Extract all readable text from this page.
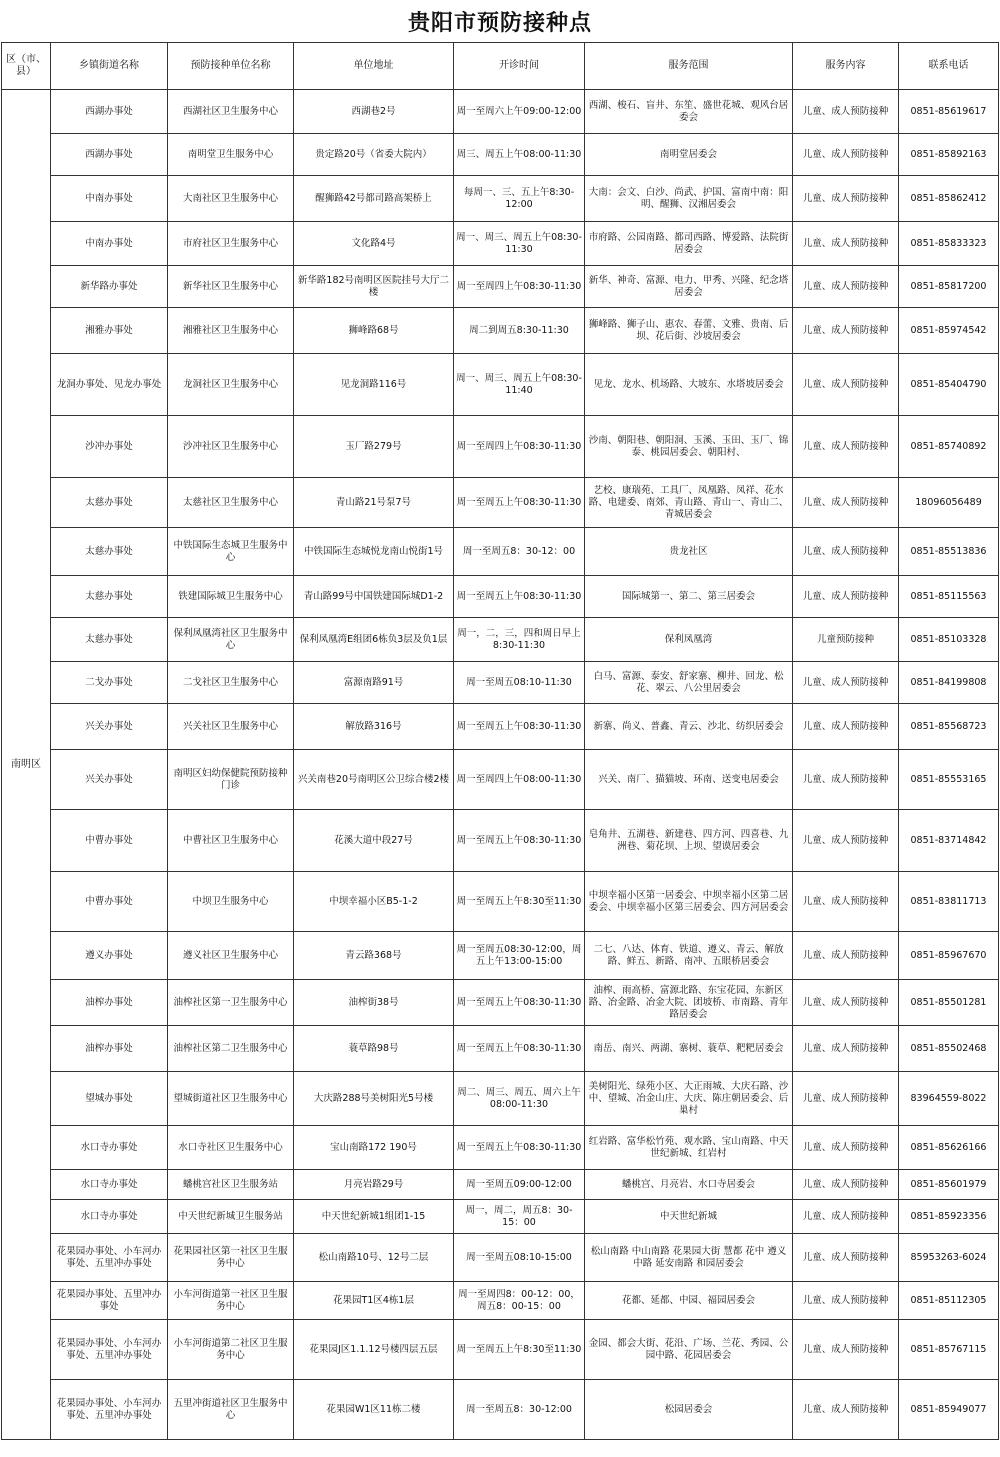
贵阳市预防接种点
区（市、县）	乡镇街道名称	预防接种单位名称	单位地址	开诊时间	服务范围	服务内容	联系电话
南明区	西湖办事处	西湖社区卫生服务中心	西湖巷2号	周一至周六上午09:00-12:00	西湖、梭石、盲井、东笙、盛世花城、观风台居委会	儿童、成人预防接种	0851-85619617
	西湖办事处	南明堂卫生服务中心	贵定路20号（省委大院内）	周三、周五上午08:00-11:30	南明堂居委会	儿童、成人预防接种	0851-85892163
	中南办事处	大南社区卫生服务中心	醒狮路42号都司路高架桥上	每周一、三、五上午8:30-12:00	大南：会文、白沙、尚武、护国、富南中南：阳明、醒狮、汉湘居委会	儿童、成人预防接种	0851-85862412
	中南办事处	市府社区卫生服务中心	文化路4号	周一、周三、周五上午08:30-11:30	市府路、公园南路、都司西路、博爱路、法院街居委会	儿童、成人预防接种	0851-85833323
	新华路办事处	新华社区卫生服务中心	新华路182号南明区医院挂号大厅二楼	周一至周四上午08:30-11:30	新华、神奇、富源、电力、甲秀、兴隆、纪念塔居委会	儿童、成人预防接种	0851-85817200
	湘雅办事处	湘雅社区卫生服务中心	狮峰路68号	周二到周五8:30-11:30	狮峰路、狮子山、惠农、春蕾、文雅、贵南、后坝、花后街、沙坡居委会	儿童、成人预防接种	0851-85974542
	龙洞办事处、见龙办事处	龙洞社区卫生服务中心	见龙洞路116号	周一、周三、周五上午08:30-11:40	见龙、龙水、机场路、大坡东、水塔坡居委会	儿童、成人预防接种	0851-85404790
	沙冲办事处	沙冲社区卫生服务中心	玉厂路279号	周一至周四上午08:30-11:30	沙南、朝阳巷、朝阳洞、玉溪、玉田、玉厂、锦泰、桃园居委会、朝阳村、	儿童、成人预防接种	0851-85740892
	太慈办事处	太慈社区卫生服务中心	青山路21号泵7号	周一至周五上午08:30-11:30	艺校、康瑞苑、工具厂、凤凰路、凤祥、花水路、电建委、南郊、青山路、青山一、青山二、青城居委会	儿童、成人预防接种	18096056489
	太慈办事处	中铁国际生态城卫生服务中心	中铁国际生态城悦龙南山悦街1号	周一至周五8：30-12：00	贵龙社区	儿童、成人预防接种	0851-85513836
	太慈办事处	铁建国际城卫生服务中心	青山路99号中国铁建国际城D1-2	周一至周五上午08:30-11:30	国际城第一、第二、第三居委会	儿童、成人预防接种	0851-85115563
	太慈办事处	保利凤凰湾社区卫生服务中心	保利凤凰湾E组团6栋负3层及负1层	周一，二，三，四和周日早上8:30-11:30	保利凤凰湾	儿童预防接种	0851-85103328
	二戈办事处	二戈社区卫生服务中心	富源南路91号	周一至周五08:10-11:30	白马、富源、泰安、舒家寨、柳井、回龙、松花、翠云、八公里居委会	儿童、成人预防接种	0851-84199808
	兴关办事处	兴关社区卫生服务中心	解放路316号	周一至周五上午08:30-11:30	新寨、尚义、普鑫、青云、沙北、纺织居委会	儿童、成人预防接种	0851-85568723
	兴关办事处	南明区妇幼保健院预防接种门诊	兴关南巷20号南明区公卫综合楼2楼	周一至周四上午08:00-11:30	兴关、南厂、猫猫坡、环南、送变电居委会	儿童、成人预防接种	0851-85553165
	中曹办事处	中曹社区卫生服务中心	花溪大道中段27号	周一至周五上午08:30-11:30	皂角井、五湖巷、新建巷、四方河、四喜巷、九洲巷、菊花坝、上坝、望谟居委会	儿童、成人预防接种	0851-83714842
	中曹办事处	中坝卫生服务中心	中坝幸福小区B5-1-2	周一至周五上午8:30至11:30	中坝幸福小区第一居委会、中坝幸福小区第二居委会、中坝幸福小区第三居委会、四方河居委会	儿童、成人预防接种	0851-83811713
	遵义办事处	遵义社区卫生服务中心	青云路368号	周一至周五08:30-12:00，周五上午13:00-15:00	二七、八达、体育、铁道、遵义、青云、解放路、鲜五、新路、南冲、五眼桥居委会	儿童、成人预防接种	0851-85967670
	油榨办事处	油榨社区第一卫生服务中心	油榨街38号	周一至周五上午08:30-11:30	油榨、雨高桥、富源北路、东宝花园、东新区路、冶金路、冶金大院、团坡桥、市南路、青年路居委会	儿童、成人预防接种	0851-85501281
	油榨办事处	油榨社区第二卫生服务中心	蓑草路98号	周一至周五上午08:30-11:30	南岳、南兴、两湖、寨树、蓑草、粑粑居委会	儿童、成人预防接种	0851-85502468
	望城办事处	望城街道社区卫生服务中心	大庆路288号美树阳光5号楼	周二、周三、周五、周六上午08:00-11:30	美树阳光、绿苑小区、大正雨城、大庆石路、沙中、望城、冶金山庄、大庆、陈庄朝居委会、后巢村	儿童、成人预防接种	83964559-8022
	水口寺办事处	水口寺社区卫生服务中心	宝山南路172 190号	周一至周五上午08:30-11:30	红岩路、富华松竹苑、观水路、宝山南路、中天世纪新城、红岩村	儿童、成人预防接种	0851-85626166
	水口寺办事处	蟠桃宫社区卫生服务站	月亮岩路29号	周一至周五09:00-12:00	蟠桃宫、月亮岩、水口寺居委会	儿童、成人预防接种	0851-85601979
	水口寺办事处	中天世纪新城卫生服务站	中天世纪新城1组团1-15	周一，周二，周五8：30-15：00	中天世纪新城	儿童、成人预防接种	0851-85923356
	花果园办事处、小车河办事处、五里冲办事处	花果园社区第一社区卫生服务中心	松山南路10号、12号二层	周一至周五08:10-15:00	松山南路 中山南路 花果园大街 慧都 花中 遵义中路 延安南路 和园居委会	儿童、成人预防接种	85953263-6024
	花果园办事处、五里冲办事处	小车河街道第一社区卫生服务中心	花果园T1区4栋1层	周一至周四8：00-12：00，周五8：00-15：00	花都、延都、中园、福园居委会	儿童、成人预防接种	0851-85112305
	花果园办事处、小车河办事处、五里冲办事处	小车河街道第二社区卫生服务中心	花果园J区1.1.12号楼四层五层	周一至周五上午8:30至11:30	金园、都会大街、花沿、广场、兰花、秀园、公园中路、花园居委会	儿童、成人预防接种	0851-85767115
	花果园办事处、小车河办事处、五里冲办事处	五里冲街道社区卫生服务中心	花果园W1区11栋二楼	周一至周五8：30-12:00	松园居委会	儿童、成人预防接种	0851-85949077
